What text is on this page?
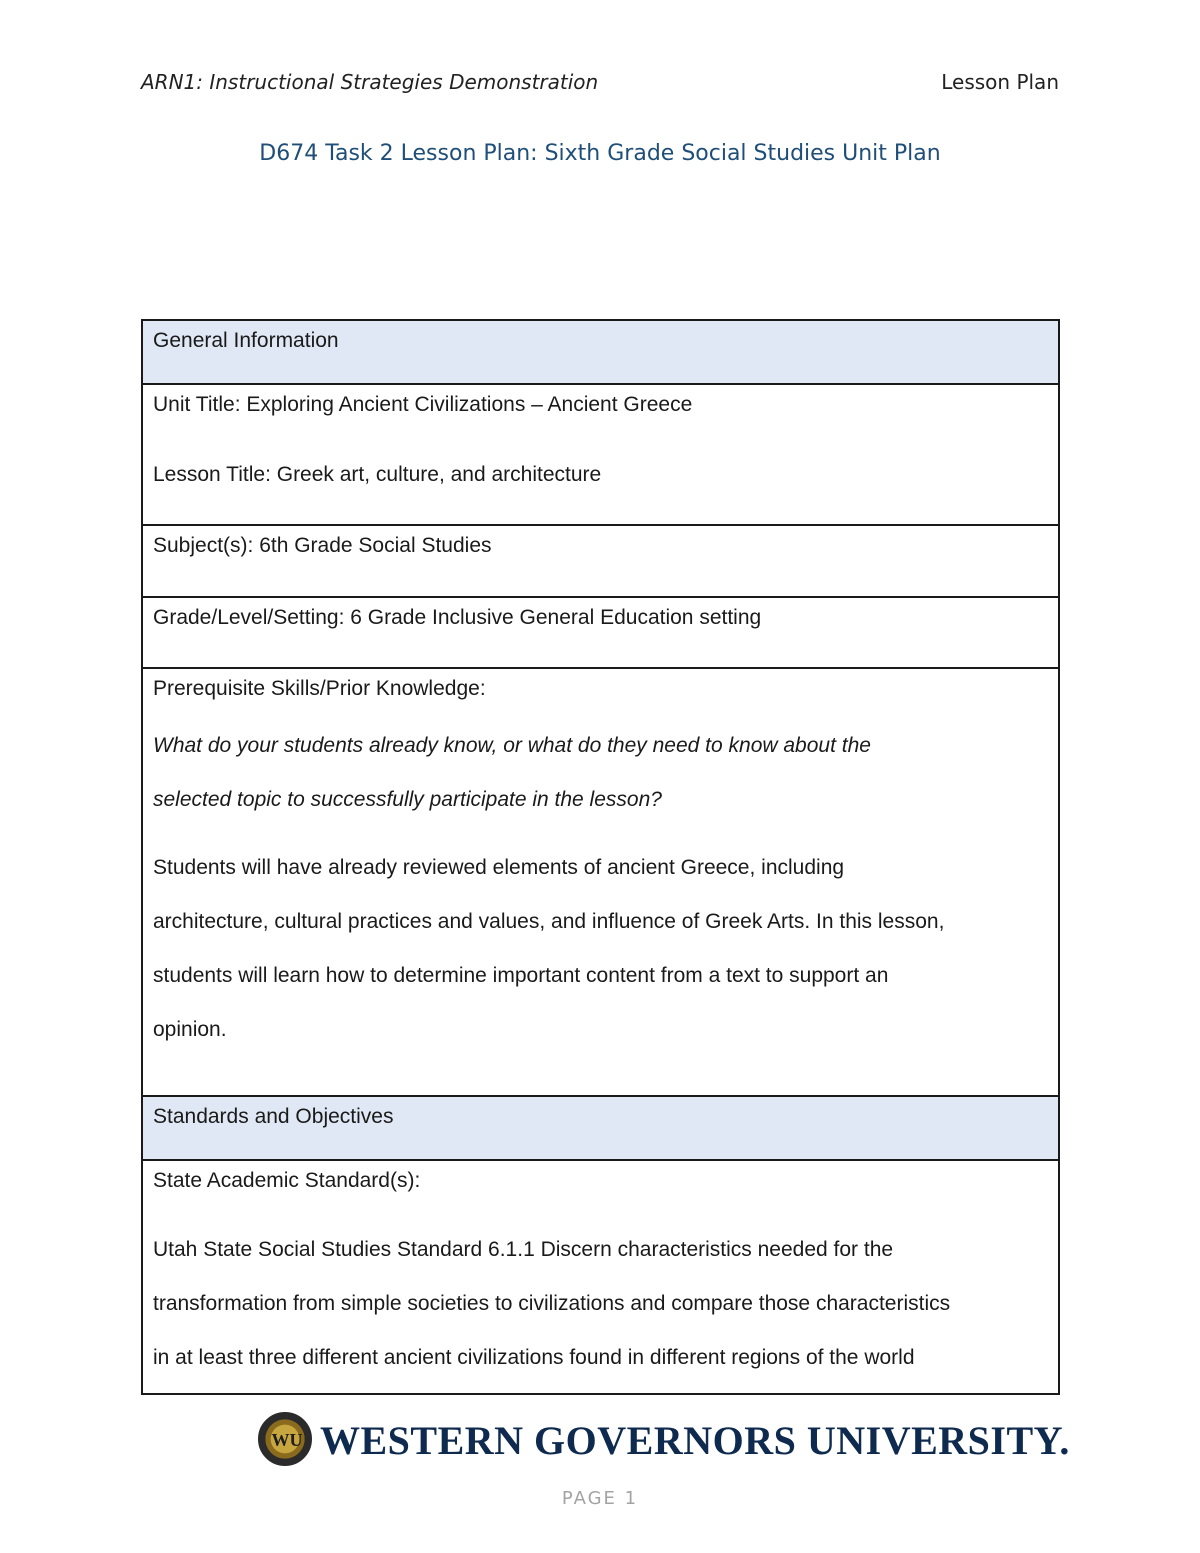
ARN1: Instructional Strategies Demonstration	Lesson Plan
D674 Task 2 Lesson Plan: Sixth Grade Social Studies Unit Plan
General Information
Unit Title: Exploring Ancient Civilizations – Ancient Greece
Lesson Title: Greek art, culture, and architecture
Subject(s): 6th Grade Social Studies
Grade/Level/Setting: 6 Grade Inclusive General Education setting
Prerequisite Skills/Prior Knowledge:
What do your students already know, or what do they need to know about the
selected topic to successfully participate in the lesson?
Students will have already reviewed elements of ancient Greece, including
architecture, cultural practices and values, and influence of Greek Arts. In this lesson,
students will learn how to determine important content from a text to support an
opinion.
Standards and Objectives
State Academic Standard(s):
Utah State Social Studies Standard 6.1.1 Discern characteristics needed for the
transformation from simple societies to civilizations and compare those characteristics
in at least three different ancient civilizations found in different regions of the world
WU WESTERN GOVERNORS UNIVERSITY.
PAGE 1
